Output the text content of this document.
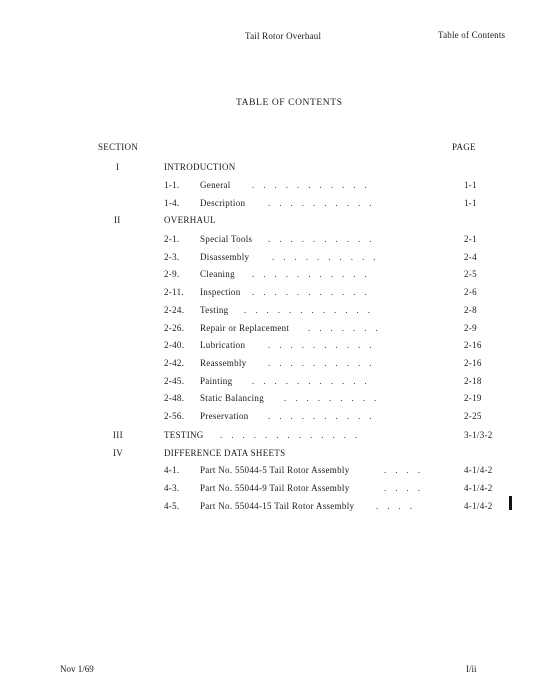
Tail Rotor Overhaul	Table of Contents
TABLE OF CONTENTS
SECTION	PAGE
I	INTRODUCTION
1-1. General ...........	1-1
1-4. Description	..........	1-1
II	OVERHAUL
2-1. Special Tools ..........	2-1
2-3. Disassembly	..........	2-4
2-9. Cleaning ...........	2-5
2-11. Inspection ...........	2-6
2-24. Testing ............	2-8
2-26. Repair or Replacement .......	2-9
2-40. Lubrication	..........	2-16
2-42. Reassembly ..........	2-16
2-45. Painting ...........	2-18
2-48. Static Balancing .........	2-19
2-56. Preservation ..........	2-25
III	TESTING .............	3-1/3-2
IV	DIFFERENCE DATA SHEETS
4-1. Part No. 55044-5 Tail Rotor Assembly	....	4-1/4-2
4-3. Part No. 55044-9 Tail Rotor Assembly	....	4-1/4-2
4-5. Part No. 55044-15 Tail Rotor Assembly ....	4-1/4-2
Nov 1/69	I/ii
